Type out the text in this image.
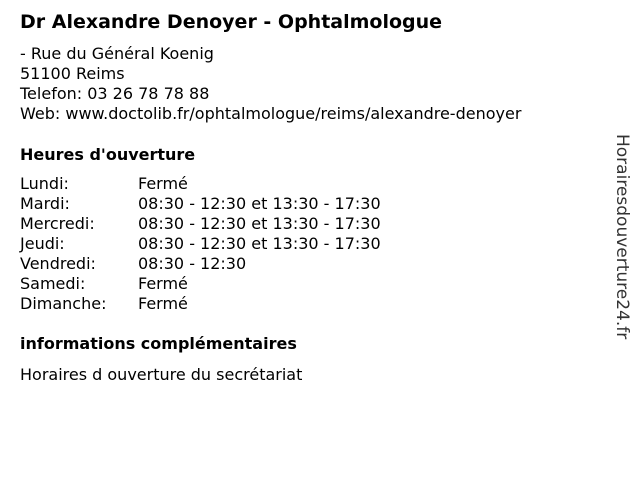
Dr Alexandre Denoyer - Ophtalmologue
- Rue du Général Koenig
51100 Reims
Telefon: 03 26 78 78 88
Web: www.doctolib.fr/ophtalmologue/reims/alexandre-denoyer
Heures d'ouverture
Lundi:	Fermé
Mardi:	08:30 - 12:30 et 13:30 - 17:30
Mercredi:	08:30 - 12:30 et 13:30 - 17:30
Jeudi:	08:30 - 12:30 et 13:30 - 17:30
Vendredi:	08:30 - 12:30
Samedi:	Fermé
Dimanche:	Fermé
informations complémentaires
Horaires d ouverture du secrétariat
Horairesdouverture24.fr
